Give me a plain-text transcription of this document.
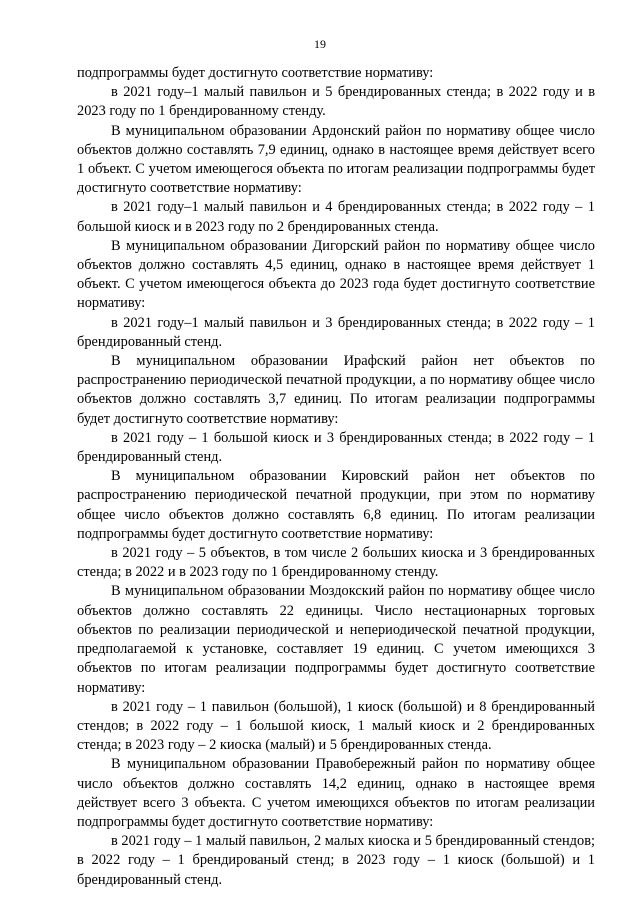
19

подпрограммы будет достигнуто соответствие нормативу:

в 2021 году–1 малый павильон и 5 брендированных стенда; в 2022 году и в 2023 году по 1 брендированному стенду.

В муниципальном образовании Ардонский район по нормативу общее число объектов должно составлять 7,9 единиц, однако в настоящее время действует всего 1 объект. С учетом имеющегося объекта по итогам реализации подпрограммы будет достигнуто соответствие нормативу:

в 2021 году–1 малый павильон и 4 брендированных стенда; в 2022 году – 1 большой киоск и в 2023 году по 2 брендированных стенда.

В муниципальном образовании Дигорский район по нормативу общее число объектов должно составлять 4,5 единиц, однако в настоящее время действует 1 объект. С учетом имеющегося объекта до 2023 года будет достигнуто соответствие нормативу:

в 2021 году–1 малый павильон и 3 брендированных стенда; в 2022 году – 1 брендированный стенд.

В муниципальном образовании Ирафский район нет объектов по распространению периодической печатной продукции, а по нормативу общее число объектов должно составлять 3,7 единиц. По итогам реализации подпрограммы будет достигнуто соответствие нормативу:

в 2021 году – 1 большой киоск и 3 брендированных стенда; в 2022 году – 1 брендированный стенд.

В муниципальном образовании Кировский район нет объектов по распространению периодической печатной продукции, при этом по нормативу общее число объектов должно составлять 6,8 единиц. По итогам реализации подпрограммы будет достигнуто соответствие нормативу:

в 2021 году – 5 объектов, в том числе 2 больших киоска и 3 брендированных стенда; в 2022 и в 2023 году по 1 брендированному стенду.

В муниципальном образовании Моздокский район по нормативу общее число объектов должно составлять 22 единицы. Число нестационарных торговых объектов по реализации периодической и непериодической печатной продукции, предполагаемой к установке, составляет 19 единиц. С учетом имеющихся 3 объектов по итогам реализации подпрограммы будет достигнуто соответствие нормативу:

в 2021 году – 1 павильон (большой), 1 киоск (большой) и 8 брендированный стендов; в 2022 году – 1 большой киоск, 1 малый киоск и 2 брендированных стенда; в 2023 году – 2 киоска (малый) и 5 брендированных стенда.

В муниципальном образовании Правобережный район по нормативу общее число объектов должно составлять 14,2 единиц, однако в настоящее время действует всего 3 объекта. С учетом имеющихся объектов по итогам реализации подпрограммы будет достигнуто соответствие нормативу:

в 2021 году – 1 малый павильон, 2 малых киоска и 5 брендированный стендов; в 2022 году – 1 брендированый стенд; в 2023 году – 1 киоск (большой) и 1 брендированный стенд.
